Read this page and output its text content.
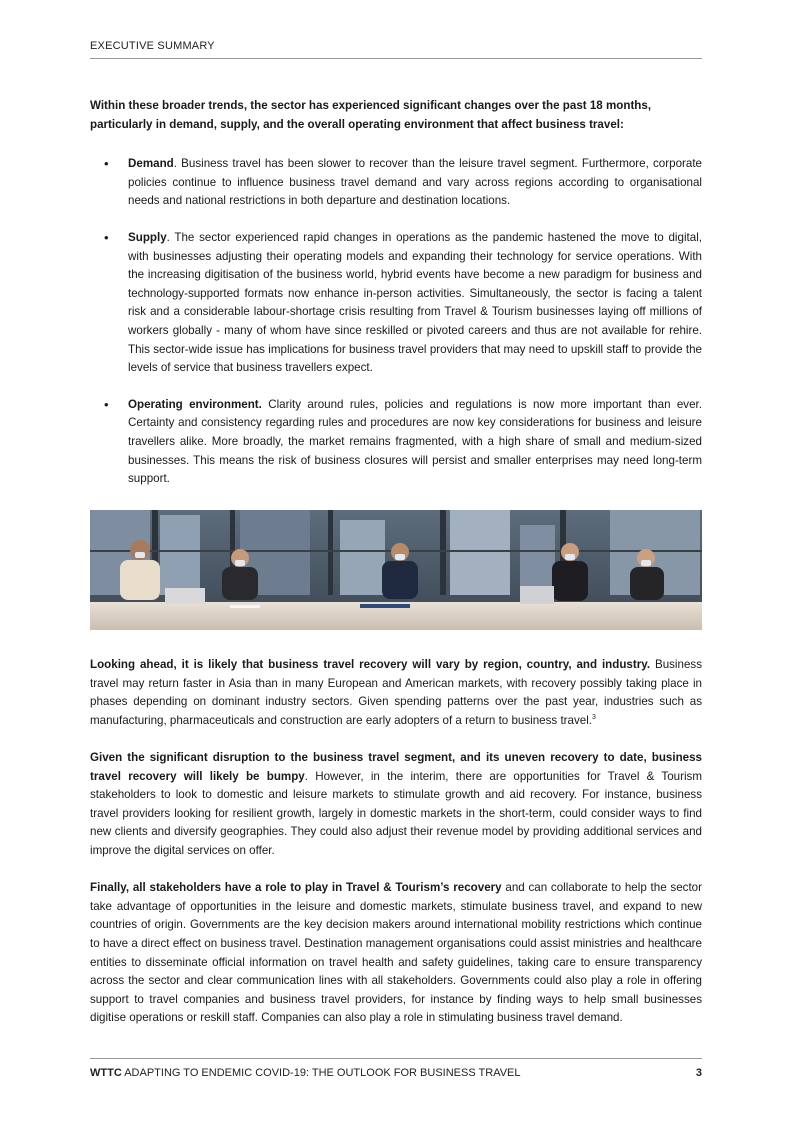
EXECUTIVE SUMMARY

Within these broader trends, the sector has experienced significant changes over the past 18 months, particularly in demand, supply, and the overall operating environment that affect business travel:

• Demand. Business travel has been slower to recover than the leisure travel segment. Furthermore, corporate policies continue to influence business travel demand and vary across regions according to organisational needs and national restrictions in both departure and destination locations.
• Supply. The sector experienced rapid changes in operations as the pandemic hastened the move to digital, with businesses adjusting their operating models and expanding their technology for service operations. With the increasing digitisation of the business world, hybrid events have become a new paradigm for business and technology-supported formats now enhance in-person activities. Simultaneously, the sector is facing a talent risk and a considerable labour-shortage crisis resulting from Travel & Tourism businesses laying off millions of workers globally - many of whom have since reskilled or pivoted careers and thus are not available for rehire. This sector-wide issue has implications for business travel providers that may need to upskill staff to provide the levels of service that business travellers expect.
• Operating environment. Clarity around rules, policies and regulations is now more important than ever. Certainty and consistency regarding rules and procedures are now key considerations for business and leisure travellers alike. More broadly, the market remains fragmented, with a high share of small and medium-sized businesses. This means the risk of business closures will persist and smaller enterprises may need long-term support.

Looking ahead, it is likely that business travel recovery will vary by region, country, and industry. Business travel may return faster in Asia than in many European and American markets, with recovery possibly taking place in phases depending on dominant industry sectors. Given spending patterns over the past year, industries such as manufacturing, pharmaceuticals and construction are early adopters of a return to business travel.$^3$

Given the significant disruption to the business travel segment, and its uneven recovery to date, business travel recovery will likely be bumpy. However, in the interim, there are opportunities for Travel & Tourism stakeholders to look to domestic and leisure markets to stimulate growth and aid recovery. For instance, business travel providers looking for resilient growth, largely in domestic markets in the short-term, could consider ways to find new clients and diversify geographies. They could also adjust their revenue model by providing additional services and improve the digital services on offer.

Finally, all stakeholders have a role to play in Travel & Tourism’s recovery and can collaborate to help the sector take advantage of opportunities in the leisure and domestic markets, stimulate business travel, and expand to new countries of origin. Governments are the key decision makers around international mobility restrictions which continue to have a direct effect on business travel. Destination management organisations could assist ministries and healthcare entities to disseminate official information on travel health and safety guidelines, taking care to ensure transparency across the sector and clear communication lines with all stakeholders. Governments could also play a role in offering support to travel companies and business travel providers, for instance by finding ways to help small businesses digitise operations or reskill staff. Companies can also play a role in stimulating business travel demand.

WTTC ADAPTING TO ENDEMIC COVID-19: THE OUTLOOK FOR BUSINESS TRAVEL	3
